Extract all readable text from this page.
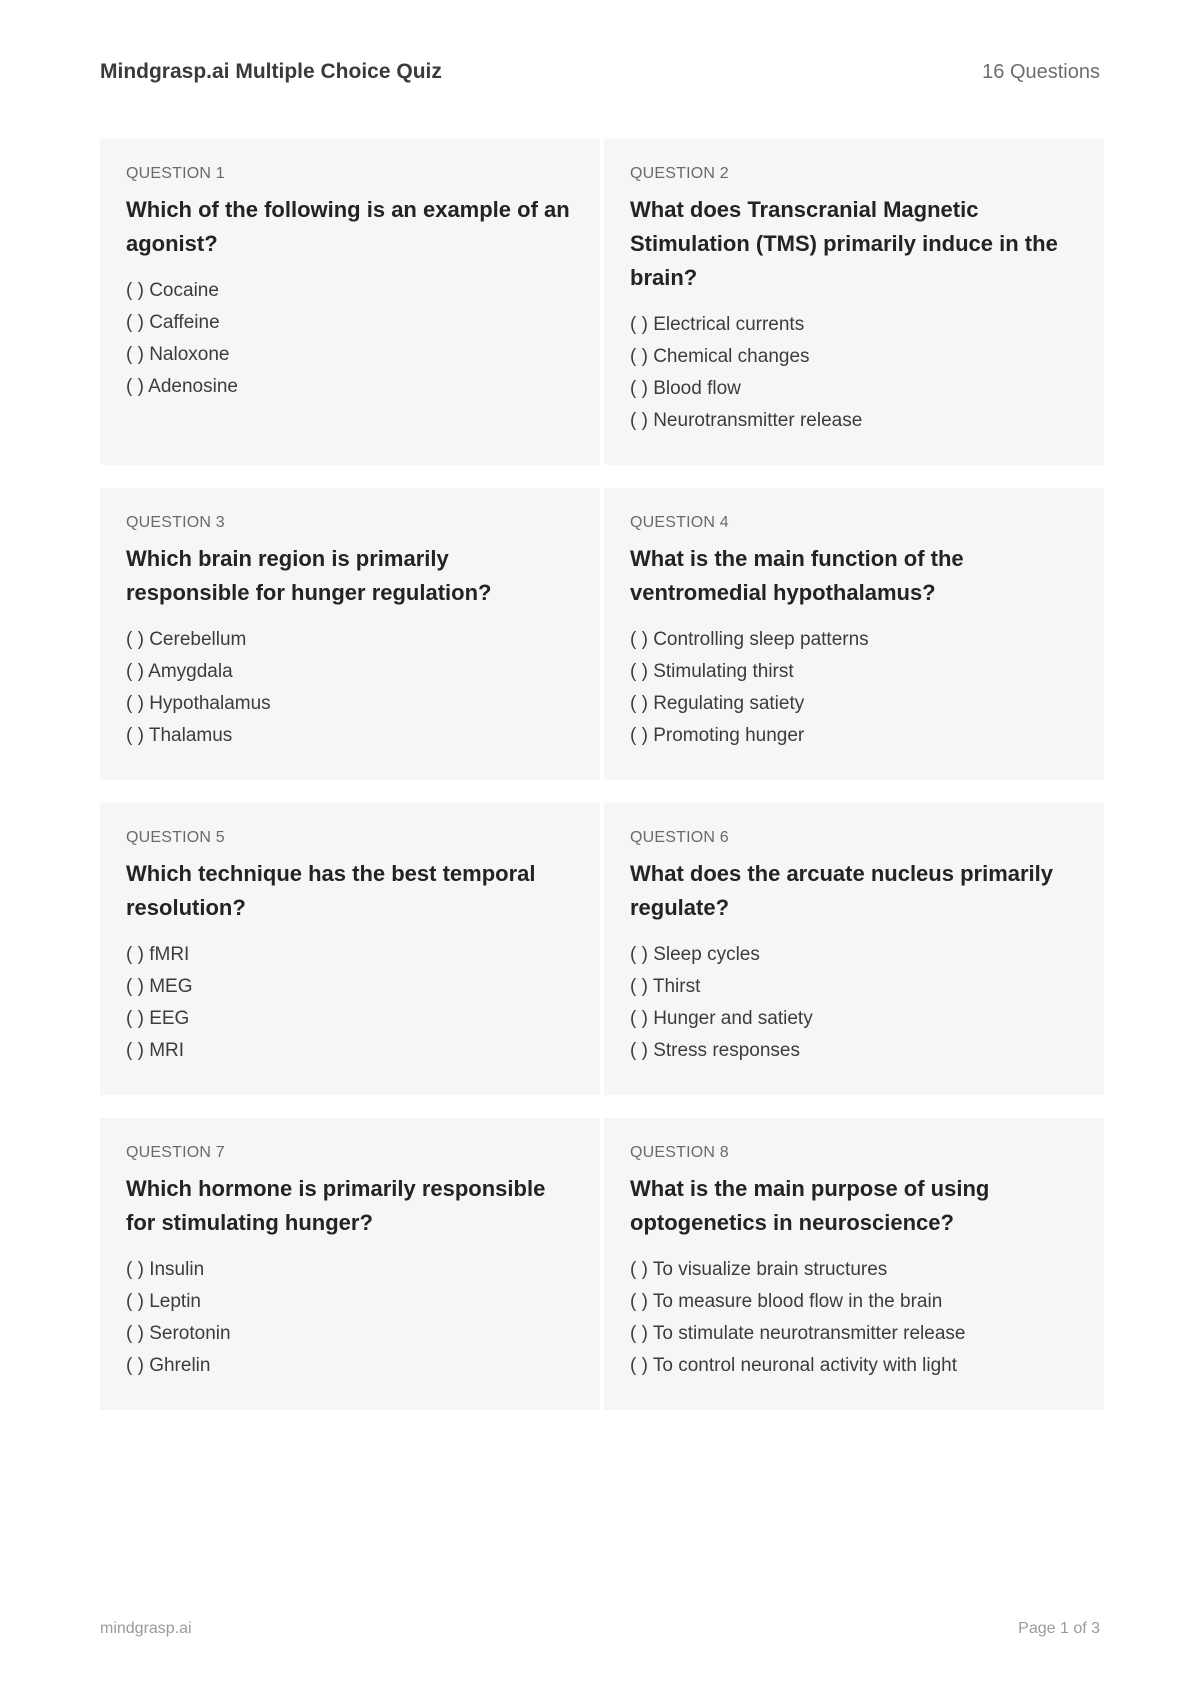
Mindgrasp.ai Multiple Choice Quiz	16 Questions
QUESTION 1
Which of the following is an example of an agonist?
( ) Cocaine
( ) Caffeine
( ) Naloxone
( ) Adenosine
QUESTION 2
What does Transcranial Magnetic Stimulation (TMS) primarily induce in the brain?
( ) Electrical currents
( ) Chemical changes
( ) Blood flow
( ) Neurotransmitter release
QUESTION 3
Which brain region is primarily responsible for hunger regulation?
( ) Cerebellum
( ) Amygdala
( ) Hypothalamus
( ) Thalamus
QUESTION 4
What is the main function of the ventromedial hypothalamus?
( ) Controlling sleep patterns
( ) Stimulating thirst
( ) Regulating satiety
( ) Promoting hunger
QUESTION 5
Which technique has the best temporal resolution?
( ) fMRI
( ) MEG
( ) EEG
( ) MRI
QUESTION 6
What does the arcuate nucleus primarily regulate?
( ) Sleep cycles
( ) Thirst
( ) Hunger and satiety
( ) Stress responses
QUESTION 7
Which hormone is primarily responsible for stimulating hunger?
( ) Insulin
( ) Leptin
( ) Serotonin
( ) Ghrelin
QUESTION 8
What is the main purpose of using optogenetics in neuroscience?
( ) To visualize brain structures
( ) To measure blood flow in the brain
( ) To stimulate neurotransmitter release
( ) To control neuronal activity with light
mindgrasp.ai	Page 1 of 3
